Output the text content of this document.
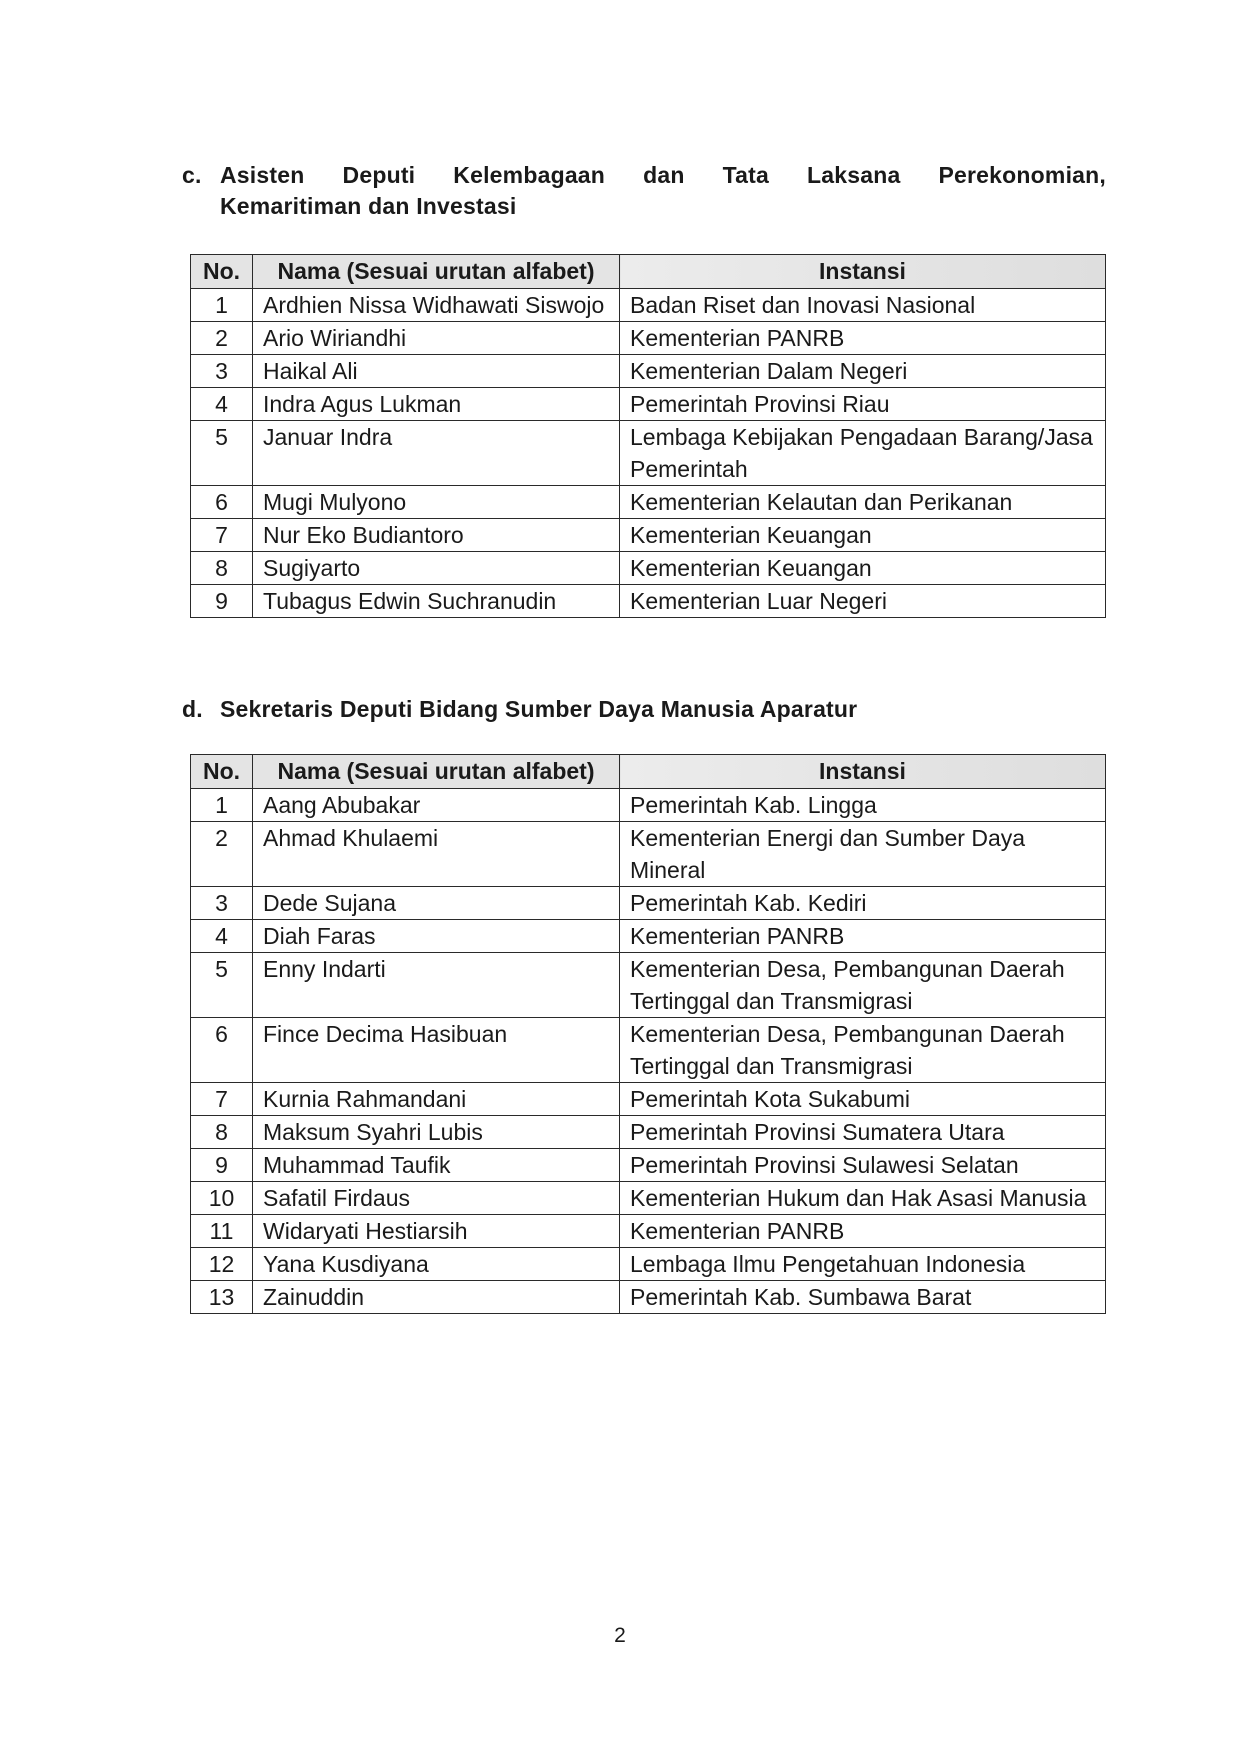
c. Asisten Deputi Kelembagaan dan Tata Laksana Perekonomian,
Kemaritiman dan Investasi
No.	Nama (Sesuai urutan alfabet)	Instansi
1	Ardhien Nissa Widhawati Siswojo	Badan Riset dan Inovasi Nasional
2	Ario Wiriandhi	Kementerian PANRB
3	Haikal Ali	Kementerian Dalam Negeri
4	Indra Agus Lukman	Pemerintah Provinsi Riau
5	Januar Indra	Lembaga Kebijakan Pengadaan Barang/Jasa Pemerintah
6	Mugi Mulyono	Kementerian Kelautan dan Perikanan
7	Nur Eko Budiantoro	Kementerian Keuangan
8	Sugiyarto	Kementerian Keuangan
9	Tubagus Edwin Suchranudin	Kementerian Luar Negeri
d. Sekretaris Deputi Bidang Sumber Daya Manusia Aparatur
No.	Nama (Sesuai urutan alfabet)	Instansi
1	Aang Abubakar	Pemerintah Kab. Lingga
2	Ahmad Khulaemi	Kementerian Energi dan Sumber Daya Mineral
3	Dede Sujana	Pemerintah Kab. Kediri
4	Diah Faras	Kementerian PANRB
5	Enny Indarti	Kementerian Desa, Pembangunan Daerah Tertinggal dan Transmigrasi
6	Fince Decima Hasibuan	Kementerian Desa, Pembangunan Daerah Tertinggal dan Transmigrasi
7	Kurnia Rahmandani	Pemerintah Kota Sukabumi
8	Maksum Syahri Lubis	Pemerintah Provinsi Sumatera Utara
9	Muhammad Taufik	Pemerintah Provinsi Sulawesi Selatan
10	Safatil Firdaus	Kementerian Hukum dan Hak Asasi Manusia
11	Widaryati Hestiarsih	Kementerian PANRB
12	Yana Kusdiyana	Lembaga Ilmu Pengetahuan Indonesia
13	Zainuddin	Pemerintah Kab. Sumbawa Barat
2
